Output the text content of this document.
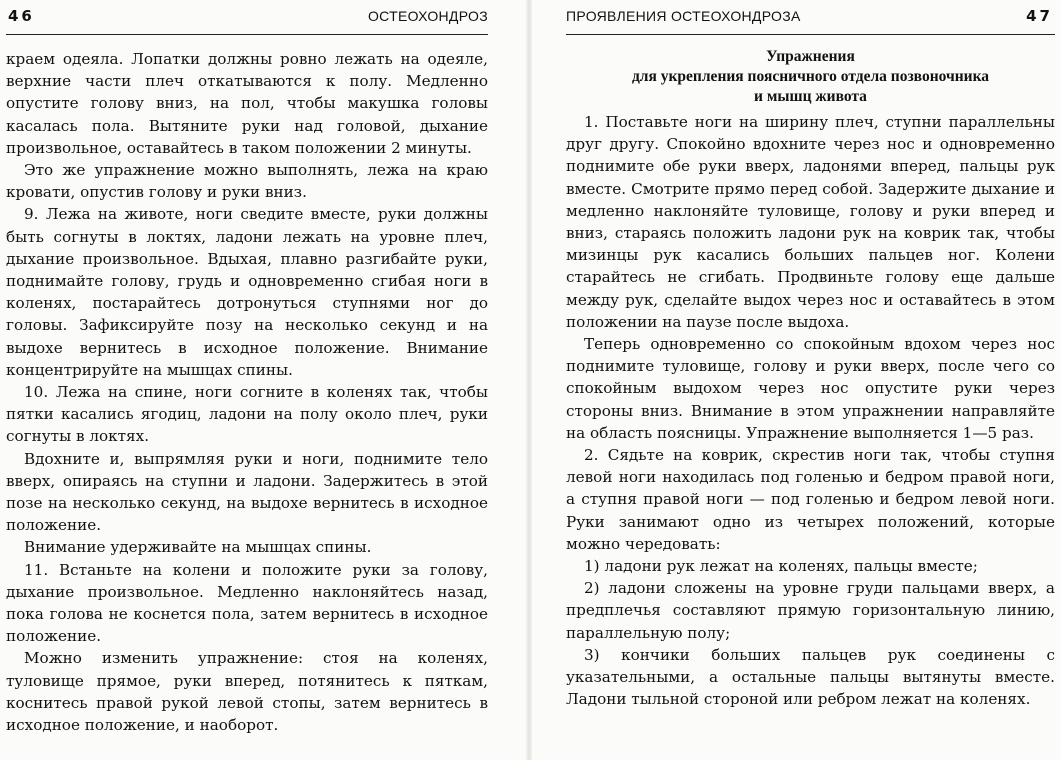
46	ОСТЕОХОНДРОЗ

краем одеяла. Лопатки должны ровно лежать на одеяле, верхние части плеч откатываются к полу. Медленно опустите голову вниз, на пол, чтобы макушка головы касалась пола. Вытяните руки над головой, дыхание произвольное, оставайтесь в таком положении 2 минуты.

Это же упражнение можно выполнять, лежа на краю кровати, опустив голову и руки вниз.

9. Лежа на животе, ноги сведите вместе, руки должны быть согнуты в локтях, ладони лежать на уровне плеч, дыхание произвольное. Вдыхая, плавно разгибайте руки, поднимайте голову, грудь и одновременно сгибая ноги в коленях, постарайтесь дотронуться ступнями ног до головы. Зафиксируйте позу на несколько секунд и на выдохе вернитесь в исходное положение. Внимание концентрируйте на мышцах спины.

10. Лежа на спине, ноги согните в коленях так, чтобы пятки касались ягодиц, ладони на полу около плеч, руки согнуты в локтях.

Вдохните и, выпрямляя руки и ноги, поднимите тело вверх, опираясь на ступни и ладони. Задержитесь в этой позе на несколько секунд, на выдохе вернитесь в исходное положение.

Внимание удерживайте на мышцах спины.

11. Встаньте на колени и положите руки за голову, дыхание произвольное. Медленно наклоняйтесь назад, пока голова не коснется пола, затем вернитесь в исходное положение.

Можно изменить упражнение: стоя на коленях, туловище прямое, руки вперед, потянитесь к пяткам, коснитесь правой рукой левой стопы, затем вернитесь в исходное положение, и наоборот.

ПРОЯВЛЕНИЯ ОСТЕОХОНДРОЗА	47
Упражнения
для укрепления поясничного отдела позвоночника
и мышц живота

1. Поставьте ноги на ширину плеч, ступни параллельны друг другу. Спокойно вдохните через нос и одновременно поднимите обе руки вверх, ладонями вперед, пальцы рук вместе. Смотрите прямо перед собой. Задержите дыхание и медленно наклоняйте туловище, голову и руки вперед и вниз, стараясь положить ладони рук на коврик так, чтобы мизинцы рук касались больших пальцев ног. Колени старайтесь не сгибать. Продвиньте голову еще дальше между рук, сделайте выдох через нос и оставайтесь в этом положении на паузе после выдоха.

Теперь одновременно со спокойным вдохом через нос поднимите туловище, голову и руки вверх, после чего со спокойным выдохом через нос опустите руки через стороны вниз. Внимание в этом упражнении направляйте на область поясницы. Упражнение выполняется 1—5 раз.

2. Сядьте на коврик, скрестив ноги так, чтобы ступня левой ноги находилась под голенью и бедром правой ноги, а ступня правой ноги — под голенью и бедром левой ноги. Руки занимают одно из четырех положений, которые можно чередовать:

1) ладони рук лежат на коленях, пальцы вместе;

2) ладони сложены на уровне груди пальцами вверх, а предплечья составляют прямую горизонтальную линию, параллельную полу;

3) кончики больших пальцев рук соединены с указательными, а остальные пальцы вытянуты вместе. Ладони тыльной стороной или ребром лежат на коленях.
